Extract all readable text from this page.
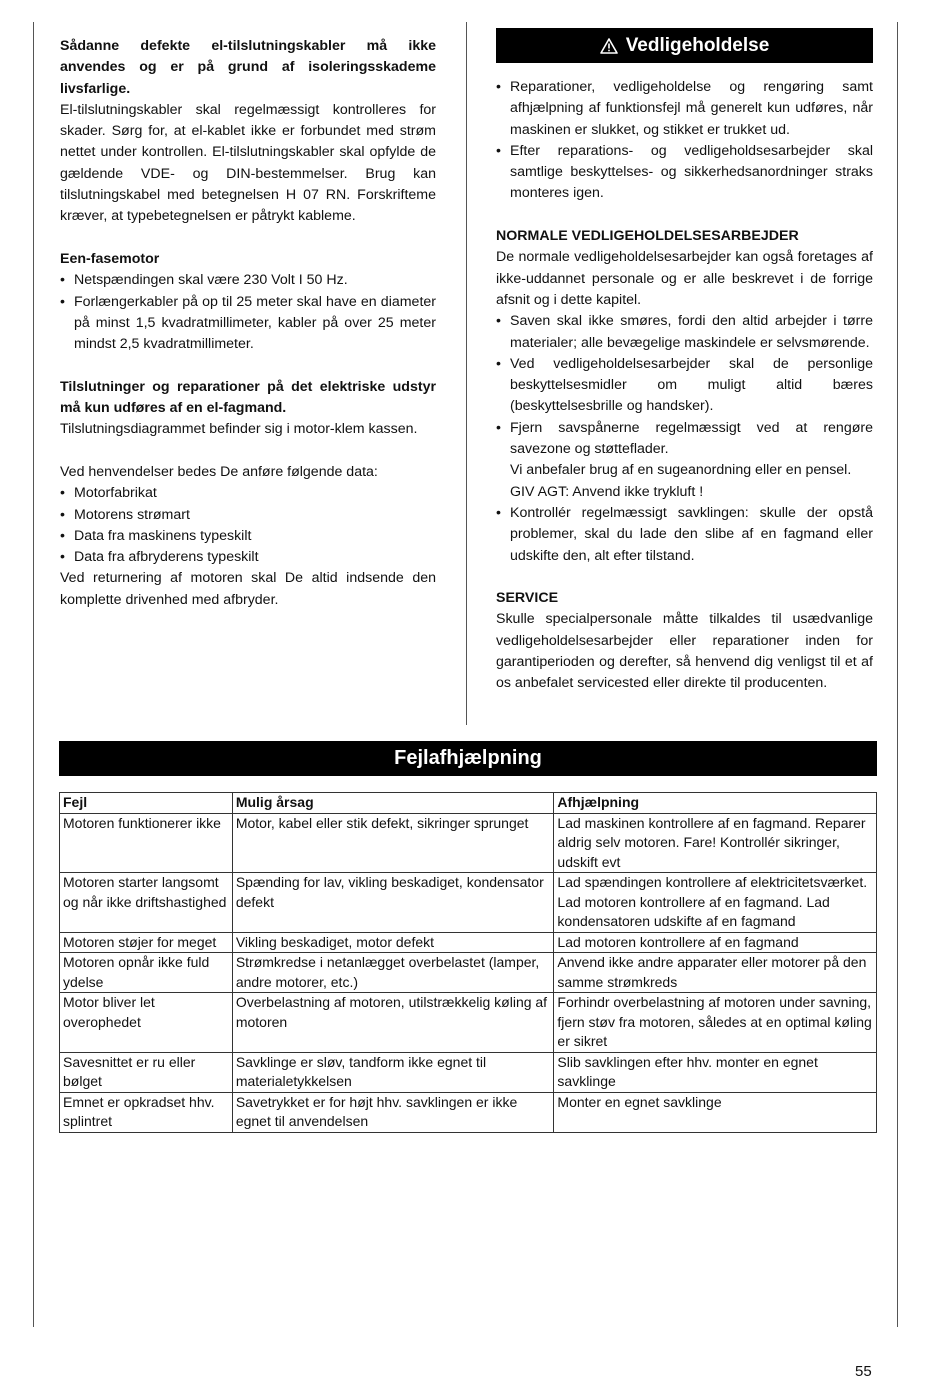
Sådanne defekte el-tilslutningskabler må ikke anvendes og er på grund af isoleringsskademe livsfarlige.

El-tilslutningskabler skal regelmæssigt kontrolleres for skader. Sørg for, at el-kablet ikke er forbundet med strøm nettet under kontrollen. El-tilslutningskabler skal opfylde de gældende VDE- og DIN-bestemmelser. Brug kan tilslutningskabel med betegnelsen H 07 RN. Forskrifteme kræver, at typebetegnelsen er påtrykt kableme.

Een-fasemotor

• Netspændingen skal være 230 Volt I 50 Hz.
• Forlængerkabler på op til 25 meter skal have en diameter på minst 1,5 kvadratmillimeter, kabler på over 25 meter mindst 2,5 kvadratmillimeter.

Tilslutninger og reparationer på det elektriske udstyr må kun udføres af en el-fagmand.

Tilslutningsdiagrammet befinder sig i motor-klem kassen.

Ved henvendelser bedes De anføre følgende data:

• Motorfabrikat
• Motorens strømart
• Data fra maskinens typeskilt
• Data fra afbryderens typeskilt

Ved returnering af motoren skal De altid indsende den komplette drivenhed med afbryder.

Vedligeholdelse
• Reparationer, vedligeholdelse og rengøring samt afhjælpning af funktionsfejl må generelt kun udføres, når maskinen er slukket, og stikket er trukket ud.
• Efter reparations- og vedligeholdsesarbejder skal samtlige beskyttelses- og sikkerhedsanordninger straks monteres igen.

NORMALE VEDLIGEHOLDELSESARBEJDER

De normale vedligeholdelsesarbejder kan også foretages af ikke-uddannet personale og er alle beskrevet i de forrige afsnit og i dette kapitel.

• Saven skal ikke smøres, fordi den altid arbejder i tørre materialer; alle bevægelige maskindele er selvsmørende.
• Ved vedligeholdelsesarbejder skal de personlige beskyttelsesmidler om muligt altid bæres (beskyttelsesbrille og handsker).
• Fjern savspånerne regelmæssigt ved at rengøre savezone og støtteflader.
Vi anbefaler brug af en sugeanordning eller en pensel.
GIV AGT: Anvend ikke trykluft !
• Kontrollér regelmæssigt savklingen: skulle der opstå problemer, skal du lade den slibe af en fagmand eller udskifte den, alt efter tilstand.

SERVICE

Skulle specialpersonale måtte tilkaldes til usædvanlige vedligeholdelsesarbejder eller reparationer inden for garantiperioden og derefter, så henvend dig venligst til et af os anbefalet servicested eller direkte til producenten.

Fejlafhjælpning
Fejl	Mulig årsag	Afhjælpning
Motoren funktionerer ikke	Motor, kabel eller stik defekt, sikringer sprunget	Lad maskinen kontrollere af en fagmand. Reparer aldrig selv motoren. Fare! Kontrollér sikringer, udskift evt
Motoren starter langsomt og når ikke driftshastighed	Spænding for lav, vikling beskadiget, kondensator defekt	Lad spændingen kontrollere af elektricitetsværket. Lad motoren kontrollere af en fagmand. Lad kondensatoren udskifte af en fagmand
Motoren støjer for meget	Vikling beskadiget, motor defekt	Lad motoren kontrollere af en fagmand
Motoren opnår ikke fuld ydelse	Strømkredse i netanlægget overbelastet (lamper, andre motorer, etc.)	Anvend ikke andre apparater eller motorer på den samme strømkreds
Motor bliver let overophedet	Overbelastning af motoren, utilstrækkelig køling af motoren	Forhindr overbelastning af motoren under savning, fjern støv fra motoren, således at en optimal køling er sikret
Savesnittet er ru eller bølget	Savklinge er sløv, tandform ikke egnet til materialetykkelsen	Slib savklingen efter hhv. monter en egnet savklinge
Emnet er opkradset hhv. splintret	Savetrykket er for højt hhv. savklingen er ikke egnet til anvendelsen	Monter en egnet savklinge
55
